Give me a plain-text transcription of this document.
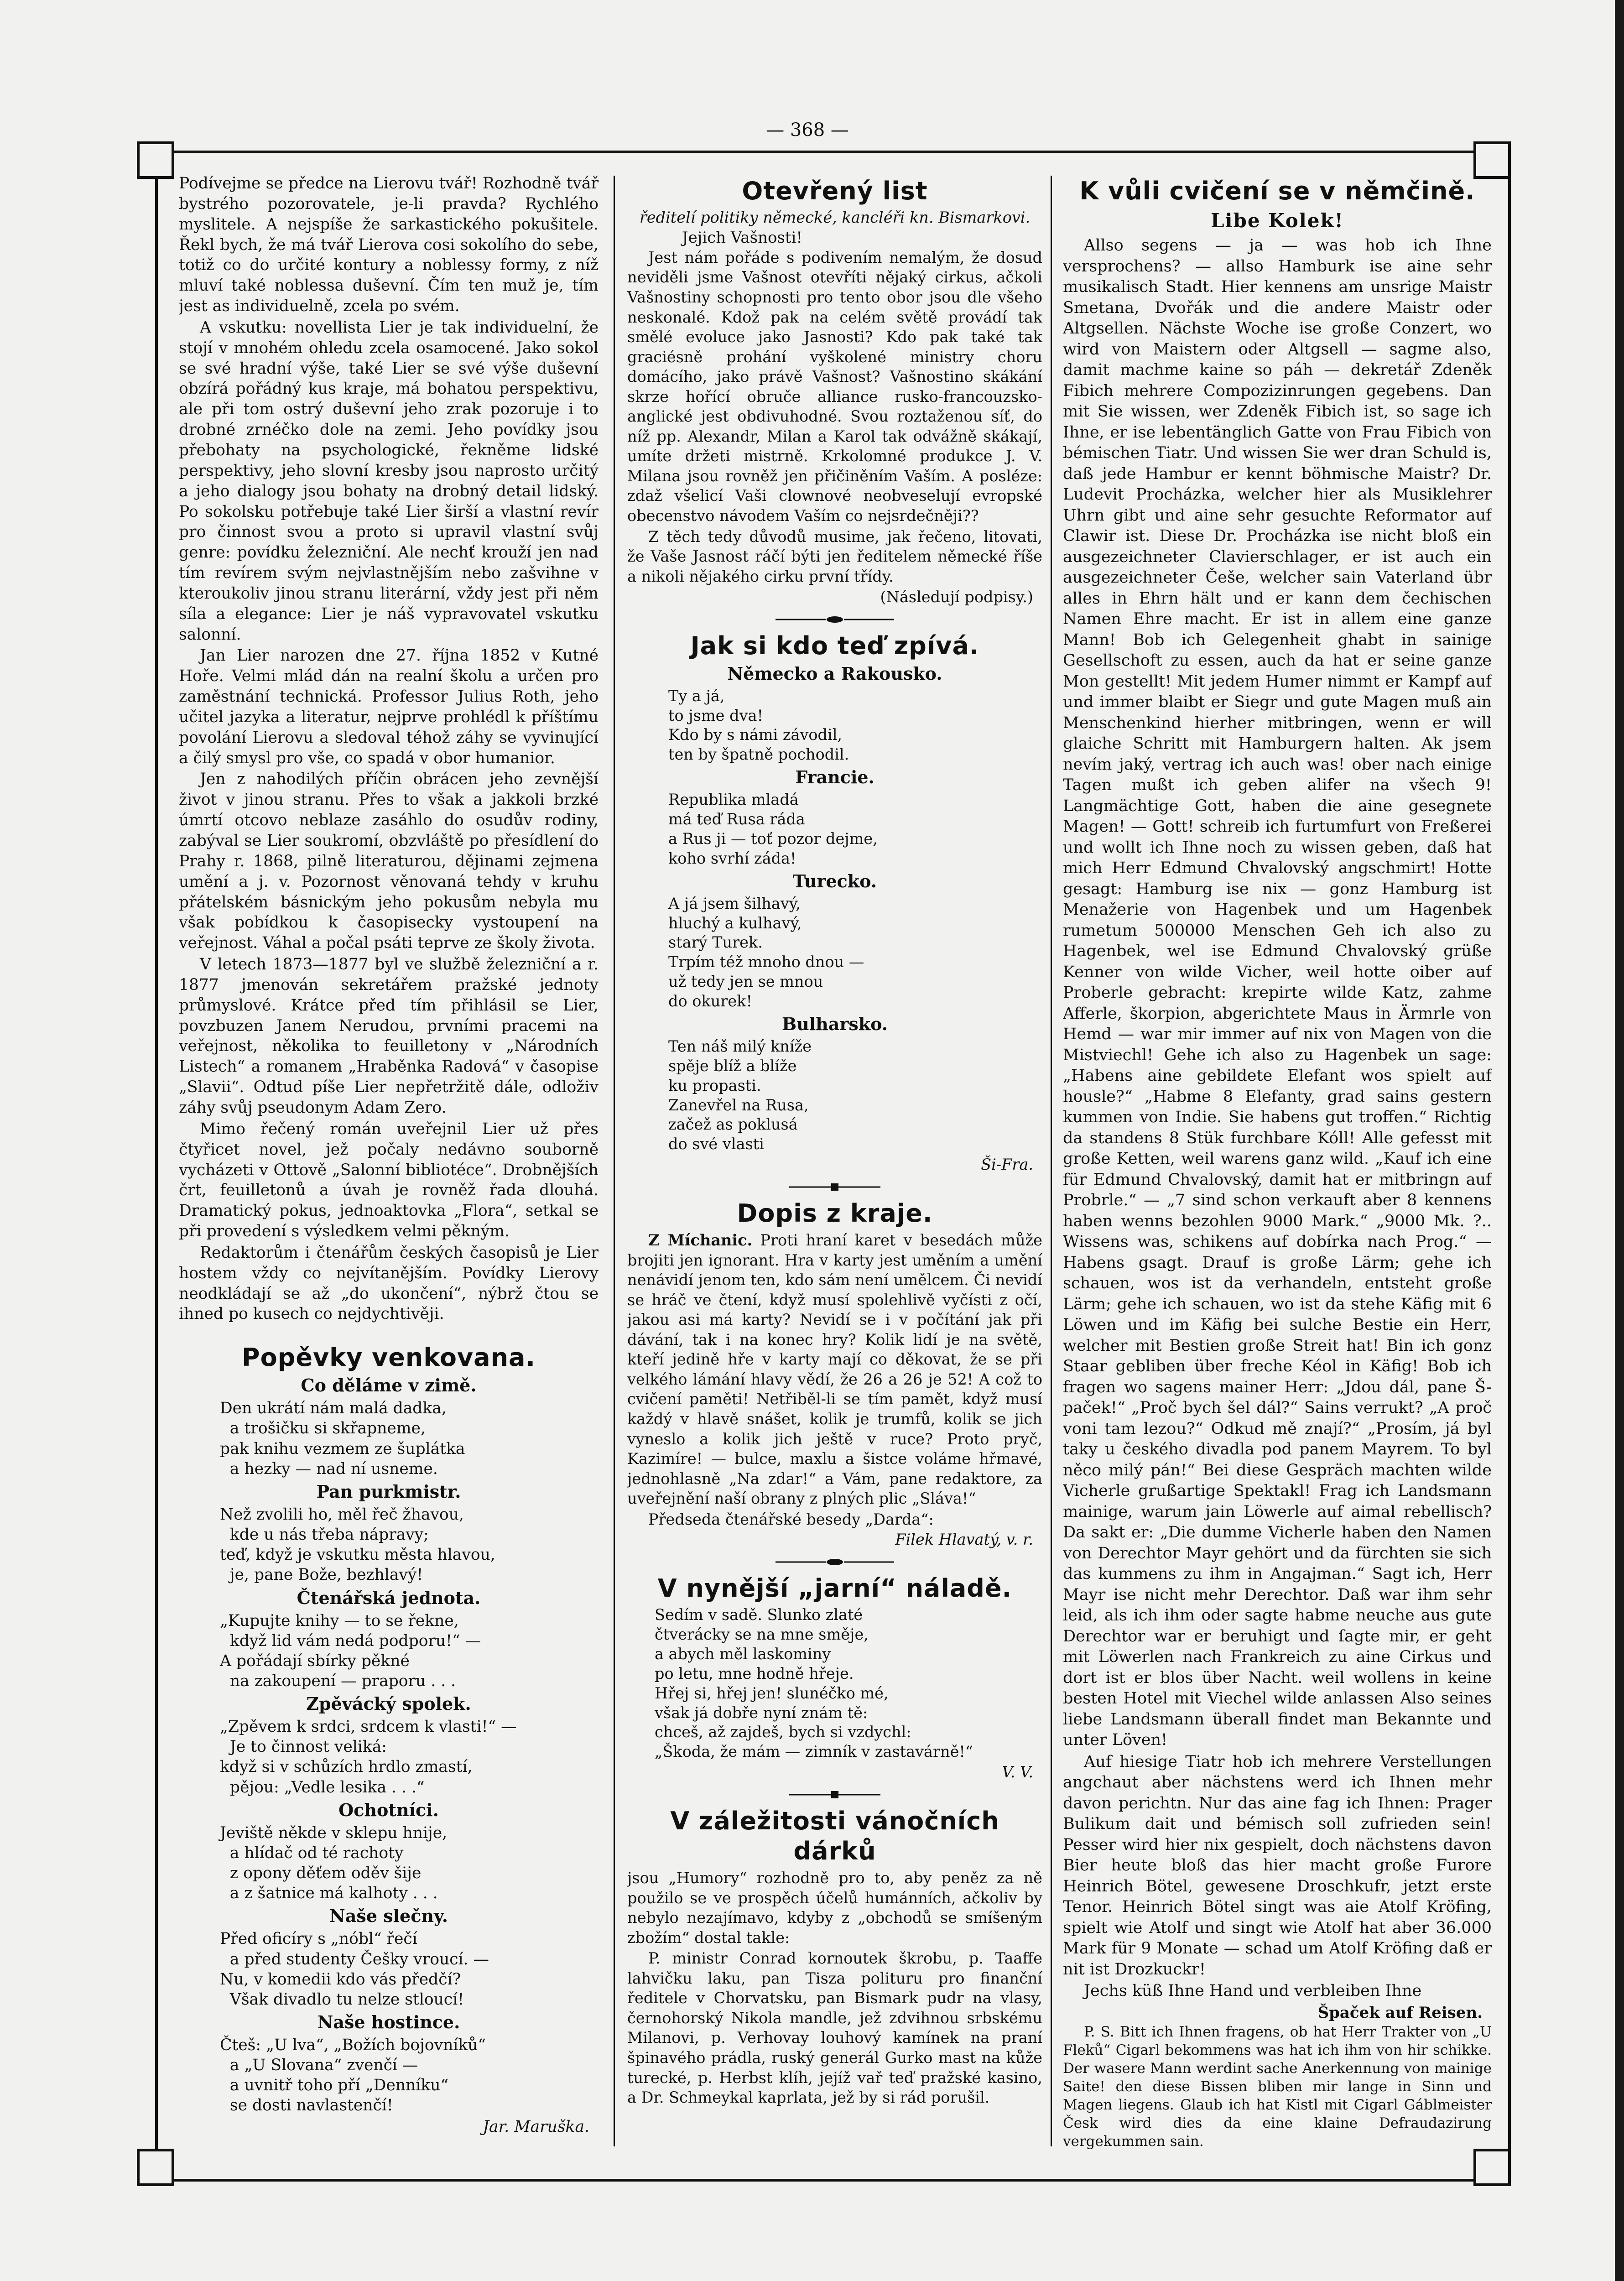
— 368 —

Podívejme se předce na Lierovu tvář! Rozhodně tvář bystrého pozorovatele, je-li pravda? Rychlého myslitele. A nejspíše že sarkastického pokušitele. Řekl bych, že má tvář Lierova cosi sokolího do sebe, totiž co do určité kontury a noblessy formy, z níž mluví také noblessa duševní. Čím ten muž je, tím jest as individuelně, zcela po svém.

A vskutku: novellista Lier je tak individuelní, že stojí v mnohém ohledu zcela osamocené. Jako sokol se své hradní výše, také Lier se své výše duševní obzírá pořádný kus kraje, má bohatou perspektivu, ale při tom ostrý duševní jeho zrak pozoruje i to drobné zrnéčko dole na zemi. Jeho povídky jsou přebohaty na psychologické, řekněme lidské perspektivy, jeho slovní kresby jsou naprosto určitý a jeho dialogy jsou bohaty na drobný detail lidský. Po sokolsku potřebuje také Lier širší a vlastní revír pro činnost svou a proto si upravil vlastní svůj genre: povídku železniční. Ale nechť krouží jen nad tím revírem svým nejvlastnějším nebo zašvihne v kteroukoliv jinou stranu literární, vždy jest při něm síla a elegance: Lier je náš vypravovatel vskutku salonní.

Jan Lier narozen dne 27. října 1852 v Kutné Hoře. Velmi mlád dán na realní školu a určen pro zaměstnání technická. Professor Julius Roth, jeho učitel jazyka a literatur, nejprve prohlédl k příštímu povolání Lierovu a sledoval téhož záhy se vyvinující a čilý smysl pro vše, co spadá v obor humanior.

Jen z nahodilých příčin obrácen jeho zevnější život v jinou stranu. Přes to však a jakkoli brzké úmrtí otcovo neblaze zasáhlo do osudův rodiny, zabýval se Lier soukromí, obzvláště po přesídlení do Prahy r. 1868, pilně literaturou, dějinami zejmena umění a j. v. Pozornost věnovaná tehdy v kruhu přátelském básnickým jeho pokusům nebyla mu však pobídkou k časopisecky vystoupení na veřejnost. Váhal a počal psáti teprve ze školy života.

V letech 1873—1877 byl ve službě železniční a r. 1877 jmenován sekretářem pražské jednoty průmyslové. Krátce před tím přihlásil se Lier, povzbuzen Janem Nerudou, prvními pracemi na veřejnost, několika to feuilletony v „Národních Listech“ a romanem „Hraběnka Radová“ v časopise „Slavii“. Odtud píše Lier nepřetržitě dále, odloživ záhy svůj pseudonym Adam Zero.

Mimo řečený román uveřejnil Lier už přes čtyřicet novel, jež počaly nedávno souborně vycházeti v Ottově „Salonní bibliotéce“. Drobnějších črt, feuilletonů a úvah je rovněž řada dlouhá. Dramatický pokus, jednoaktovka „Flora“, setkal se při provedení s výsledkem velmi pěkným.

Redaktorům i čtenářům českých časopisů je Lier hostem vždy co nejvítanějším. Povídky Lierovy neodkládají se až „do ukončení“, nýbrž čtou se ihned po kusech co nejdychtivěji.

Popěvky venkovana.
Co děláme v zimě.
Den ukrátí nám malá dadka,
a trošičku si skřapneme,
pak knihu vezmem ze šuplátka
a hezky — nad ní usneme.
Pan purkmistr.
Než zvolili ho, měl řeč žhavou,
kde u nás třeba nápravy;
teď, když je vskutku města hlavou,
je, pane Bože, bezhlavý!
Čtenářská jednota.
„Kupujte knihy — to se řekne,
když lid vám nedá podporu!“ —
A pořádají sbírky pěkné
na zakoupení — praporu . . .
Zpěvácký spolek.
„Zpěvem k srdci, srdcem k vlasti!“ —
Je to činnost veliká:
když si v schůzích hrdlo zmastí,
pějou: „Vedle lesika . . .“
Ochotníci.
Jeviště někde v sklepu hnije,
a hlídač od té rachoty
z opony děťem oděv šije
a z šatnice má kalhoty . . .
Naše slečny.
Před oficíry s „nóbl“ řečí
a před studenty Češky vroucí. —
Nu, v komedii kdo vás předčí?
Však divadlo tu nelze stloucí!
Naše hostince.
Čteš: „U lva“, „Božích bojovníků“
a „U Slovana“ zvenčí —
a uvnitř toho pří „Denníku“
se dosti navlastenčí!
Jar. Maruška.
Otevřený list
ředitelí politiky německé, kancléři kn. Bismarkovi.
Jejich Vašnosti!

Jest nám pořáde s podivením nemalým, že dosud neviděli jsme Vašnost otevříti nějaký cirkus, ačkoli Vašnostiny schopnosti pro tento obor jsou dle všeho neskonalé. Kdož pak na celém světě provádí tak smělé evoluce jako Jasnosti? Kdo pak také tak graciésně prohání vyškolené ministry choru domácího, jako právě Vašnost? Vašnostino skákání skrze hořící obruče alliance rusko-francouzsko-anglické jest obdivuhodné. Svou roztaženou síť, do níž pp. Alexandr, Milan a Karol tak odvážně skákají, umíte držeti mistrně. Krkolomné produkce J. V. Milana jsou rovněž jen přičiněním Vaším. A posléze: zdaž všelicí Vaši clownové neobveselují evropské obecenstvo návodem Vaším co nejsrdečněji??

Z těch tedy důvodů musime, jak řečeno, litovati, že Vaše Jasnost ráčí býti jen ředitelem německé říše a nikoli nějakého cirku první třídy.

(Následují podpisy.)
Jak si kdo teď zpívá.
Německo a Rakousko.
Ty a já,
to jsme dva!
Kdo by s námi závodil,
ten by špatně pochodil.
Francie.
Republika mladá
má teď Rusa ráda
a Rus ji — toť pozor dejme,
koho svrhí záda!
Turecko.
A já jsem šilhavý,
hluchý a kulhavý,
starý Turek.
Trpím též mnoho dnou —
už tedy jen se mnou
do okurek!
Bulharsko.
Ten náš milý kníže
spěje blíž a blíže
ku propasti.
Zanevřel na Rusa,
začež as poklusá
do své vlasti
Ši-Fra.
Dopis z kraje.

Z Míchanic. Proti hraní karet v besedách může brojiti jen ignorant. Hra v karty jest uměním a umění nenávidí jenom ten, kdo sám není umělcem. Či nevidí se hráč ve čtení, když musí spolehlivě vyčísti z očí, jakou asi má karty? Nevidí se i v počítání jak při dávání, tak i na konec hry? Kolik lidí je na světě, kteří jedině hře v karty mají co děkovat, že se při velkého lámání hlavy vědí, že 26 a 26 je 52! A což to cvičení paměti! Netřiběl-li se tím pamět, když musí každý v hlavě snášet, kolik je trumfů, kolik se jich vyneslo a kolik jich ještě v ruce? Proto pryč, Kazimíre! — bulce, maxlu a šistce voláme hřmavé, jednohlasně „Na zdar!“ a Vám, pane redaktore, za uveřejnění naší obrany z plných plic „Sláva!“

Předseda čtenářské besedy „Darda“:

Filek Hlavatý, v. r.
V nynější „jarní“ náladě.
Sedím v sadě. Slunko zlaté
čtverácky se na mne směje,
a abych měl laskominy
po letu, mne hodně hřeje.
Hřej si, hřej jen! slunéčko mé,
však já dobře nyní znám tě:
chceš, až zajdeš, bych si vzdychl:
„Škoda, že mám — zimník v zastavárně!“
V. V.
V záležitosti vánočních dárků

jsou „Humory“ rozhodně pro to, aby peněz za ně použilo se ve prospěch účelů humánních, ačkoliv by nebylo nezajímavo, kdyby z „obchodů se smíšeným zbožím“ dostal takle:

P. ministr Conrad kornoutek škrobu, p. Taaffe lahvičku laku, pan Tisza polituru pro finanční ředitele v Chorvatsku, pan Bismark pudr na vlasy, černohorský Nikola mandle, jež zdvihnou srbskému Milanovi, p. Verhovay louhový kamínek na praní špinavého prádla, ruský generál Gurko mast na kůže turecké, p. Herbst klíh, jejíž vař teď pražské kasino, a Dr. Schmeykal kaprlata, jež by si rád porušil.

K vůli cvičení se v němčině.
Libe Kolek!

Allso segens — ja — was hob ich Ihne versprochens? — allso Hamburk ise aine sehr musikalisch Stadt. Hier kennens am unsrige Maistr Smetana, Dvořák und die andere Maistr oder Altgsellen. Nächste Woche ise große Conzert, wo wird von Maistern oder Altgsell — sagme also, damit machme kaine so páh — dekretář Zdeněk Fibich mehrere Compozizinrungen gegebens. Dan mit Sie wissen, wer Zdeněk Fibich ist, so sage ich Ihne, er ise lebentänglich Gatte von Frau Fibich von bémischen Tiatr. Und wissen Sie wer dran Schuld is, daß jede Hambur er kennt böhmische Maistr? Dr. Ludevit Procházka, welcher hier als Musiklehrer Uhrn gibt und aine sehr gesuchte Reformator auf Clawir ist. Diese Dr. Procházka ise nicht bloß ein ausgezeichneter Clavierschlager, er ist auch ein ausgezeichneter Češe, welcher sain Vaterland übr alles in Ehrn hält und er kann dem čechischen Namen Ehre macht. Er ist in allem eine ganze Mann! Bob ich Gelegenheit ghabt in sainige Gesellschoft zu essen, auch da hat er seine ganze Mon gestellt! Mit jedem Humer nimmt er Kampf auf und immer blaibt er Siegr und gute Magen muß ain Menschenkind hierher mitbringen, wenn er will glaiche Schritt mit Hamburgern halten. Ak jsem nevím jaký, vertrag ich auch was! ober nach einige Tagen mußt ich geben alifer na všech 9! Langmächtige Gott, haben die aine gesegnete Magen! — Gott! schreib ich furtumfurt von Freßerei und wollt ich Ihne noch zu wissen geben, daß hat mich Herr Edmund Chvalovský angschmirt! Hotte gesagt: Hamburg ise nix — gonz Hamburg ist Menažerie von Hagenbek und um Hagenbek rumetum 500000 Menschen Geh ich also zu Hagenbek, wel ise Edmund Chvalovský grüße Kenner von wilde Vicher, weil hotte oiber auf Proberle gebracht: krepirte wilde Katz, zahme Afferle, škorpion, abgerichtete Maus in Ärmrle von Hemd — war mir immer auf nix von Magen von die Mistviechl! Gehe ich also zu Hagenbek un sage: „Habens aine gebildete Elefant wos spielt auf housle?“ „Habme 8 Elefanty, grad sains gestern kummen von Indie. Sie habens gut troffen.“ Richtig da standens 8 Stük furchbare Kóll! Alle gefesst mit große Ketten, weil warens ganz wild. „Kauf ich eine für Edmund Chvalovský, damit hat er mitbringn auf Probrle.“ — „7 sind schon verkauft aber 8 kennens haben wenns bezohlen 9000 Mark.“ „9000 Mk. ?.. Wissens was, schikens auf dobírka nach Prog.“ — Habens gsagt. Drauf is große Lärm; gehe ich schauen, wos ist da verhandeln, entsteht große Lärm; gehe ich schauen, wo ist da stehe Käfig mit 6 Löwen und im Käfig bei sulche Bestie ein Herr, welcher mit Bestien große Streit hat! Bin ich gonz Staar gebliben über freche Kéol in Käfig! Bob ich fragen wo sagens mainer Herr: „Jdou dál, pane Š-paček!“ „Proč bych šel dál?“ Sains verrukt? „A proč voni tam lezou?“ Odkud mě znají?“ „Prosím, já byl taky u českého divadla pod panem Mayrem. To byl něco milý pán!“ Bei diese Gespräch machten wilde Vicherle grußartige Spektakl! Frag ich Landsmann mainige, warum jain Löwerle auf aimal rebellisch? Da sakt er: „Die dumme Vicherle haben den Namen von Derechtor Mayr gehört und da fürchten sie sich das kummens zu ihm in Angajman.“ Sagt ich, Herr Mayr ise nicht mehr Derechtor. Daß war ihm sehr leid, als ich ihm oder sagte habme neuche aus gute Derechtor war er beruhigt und ſagte mir, er geht mit Löwerlen nach Frankreich zu aine Cirkus und dort ist er blos über Nacht. weil wollens in keine besten Hotel mit Viechel wilde anlassen Also seines liebe Landsmann überall findet man Bekannte und unter Löven!

Auf hiesige Tiatr hob ich mehrere Verstellungen angchaut aber nächstens werd ich Ihnen mehr davon perichtn. Nur das aine fag ich Ihnen: Prager Bulikum dait und bémisch soll zufrieden sein! Pesser wird hier nix gespielt, doch nächstens davon Bier heute bloß das hier macht große Furore Heinrich Bötel, gewesene Droschkufr, jetzt erste Tenor. Heinrich Bötel singt was aie Atolf Kröfing, spielt wie Atolf und singt wie Atolf hat aber 36.000 Mark für 9 Monate — schad um Atolf Kröfing daß er nit ist Drozkuckr!

Jechs küß Ihne Hand und verbleiben Ihne

Špaček auf Reisen.

P. S. Bitt ich Ihnen fragens, ob hat Herr Trakter von „U Fleků“ Cigarl bekommens was hat ich ihm von hir schikke. Der wasere Mann werdint sache Anerkennung von mainige Saite! den diese Bissen bliben mir lange in Sinn und Magen liegens. Glaub ich hat Kistl mit Cigarl Gáblmeister Česk wird dies da eine klaine Defraudazirung vergekummen sain.
